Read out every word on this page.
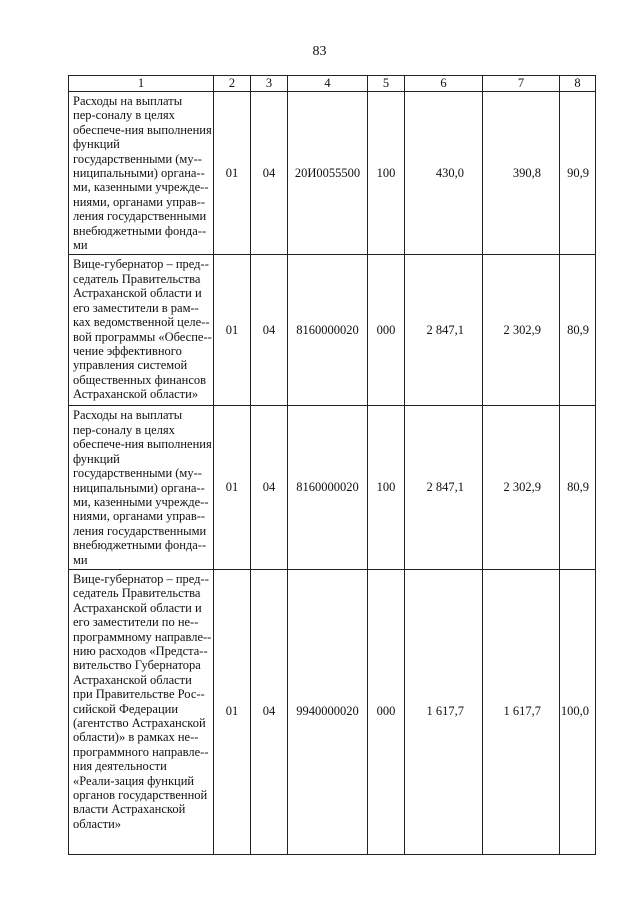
83
1	2	3	4	5	6	7	8
Расходы на выплаты пер-соналу в целях обеспече-ния выполнения функций государственными (му-ниципальными) органа-ми, казенными учрежде-ниями, органами управ-ления государственными внебюджетными фонда-ми	01	04	20И0055500	100	430,0	390,8	90,9
Вице-губернатор – пред-седатель Правительства Астраханской области и его заместители в рам-ках ведомственной целе-вой программы «Обеспе-чение эффективного управления системой общественных финансов Астраханской области»	01	04	8160000020	000	2 847,1	2 302,9	80,9
Расходы на выплаты пер-соналу в целях обеспече-ния выполнения функций государственными (му-ниципальными) органа-ми, казенными учрежде-ниями, органами управ-ления государственными внебюджетными фонда-ми	01	04	8160000020	100	2 847,1	2 302,9	80,9
Вице-губернатор – пред-седатель Правительства Астраханской области и его заместители по не-программному направле-нию расходов «Предста-вительство Губернатора Астраханской области при Правительстве Рос-сийской Федерации (агентство Астраханской области)» в рамках не-программного направле-ния деятельности «Реали-зация функций органов государственной власти Астраханской области»	01	04	9940000020	000	1 617,7	1 617,7	100,0
